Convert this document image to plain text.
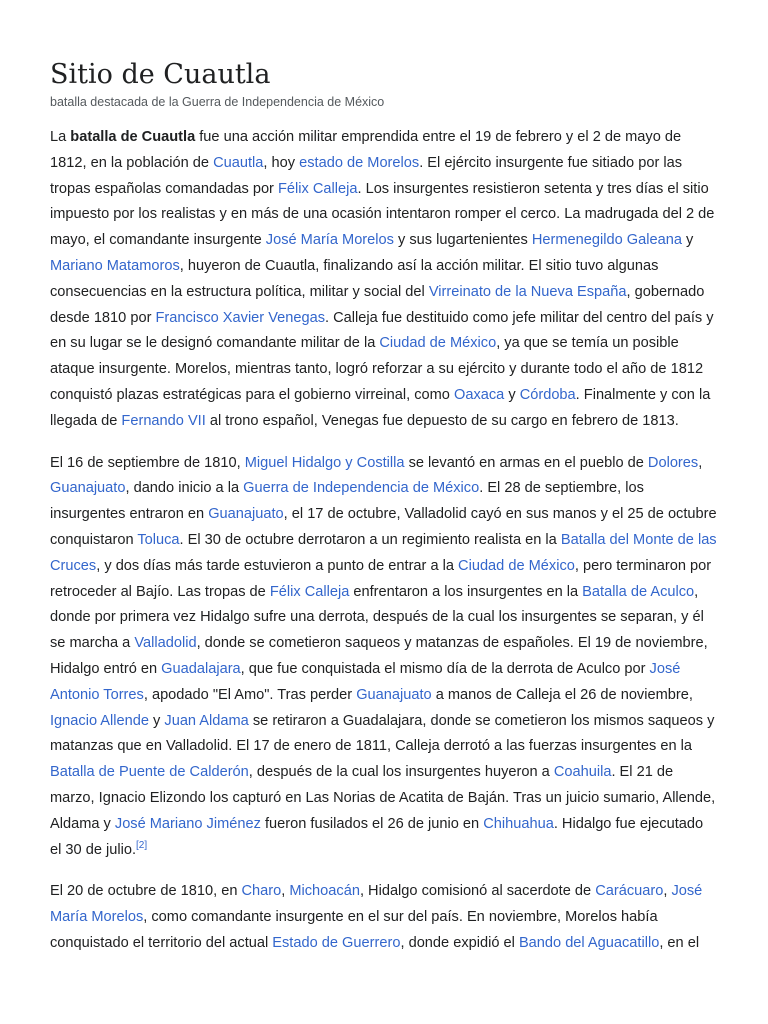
Sitio de Cuautla
batalla destacada de la Guerra de Independencia de México

La batalla de Cuautla fue una acción militar emprendida entre el 19 de febrero y el 2 de mayo de 1812, en la población de Cuautla, hoy estado de Morelos. El ejército insurgente fue sitiado por las tropas españolas comandadas por Félix Calleja. Los insurgentes resistieron setenta y tres días el sitio impuesto por los realistas y en más de una ocasión intentaron romper el cerco. La madrugada del 2 de mayo, el comandante insurgente José María Morelos y sus lugartenientes Hermenegildo Galeana y Mariano Matamoros, huyeron de Cuautla, finalizando así la acción militar. El sitio tuvo algunas consecuencias en la estructura política, militar y social del Virreinato de la Nueva España, gobernado desde 1810 por Francisco Xavier Venegas. Calleja fue destituido como jefe militar del centro del país y en su lugar se le designó comandante militar de la Ciudad de México, ya que se temía un posible ataque insurgente. Morelos, mientras tanto, logró reforzar a su ejército y durante todo el año de 1812 conquistó plazas estratégicas para el gobierno virreinal, como Oaxaca y Córdoba. Finalmente y con la llegada de Fernando VII al trono español, Venegas fue depuesto de su cargo en febrero de 1813.

El 16 de septiembre de 1810, Miguel Hidalgo y Costilla se levantó en armas en el pueblo de Dolores, Guanajuato, dando inicio a la Guerra de Independencia de México. El 28 de septiembre, los insurgentes entraron en Guanajuato, el 17 de octubre, Valladolid cayó en sus manos y el 25 de octubre conquistaron Toluca. El 30 de octubre derrotaron a un regimiento realista en la Batalla del Monte de las Cruces, y dos días más tarde estuvieron a punto de entrar a la Ciudad de México, pero terminaron por retroceder al Bajío. Las tropas de Félix Calleja enfrentaron a los insurgentes en la Batalla de Aculco, donde por primera vez Hidalgo sufre una derrota, después de la cual los insurgentes se separan, y él se marcha a Valladolid, donde se cometieron saqueos y matanzas de españoles. El 19 de noviembre, Hidalgo entró en Guadalajara, que fue conquistada el mismo día de la derrota de Aculco por José Antonio Torres, apodado "El Amo". Tras perder Guanajuato a manos de Calleja el 26 de noviembre, Ignacio Allende y Juan Aldama se retiraron a Guadalajara, donde se cometieron los mismos saqueos y matanzas que en Valladolid. El 17 de enero de 1811, Calleja derrotó a las fuerzas insurgentes en la Batalla de Puente de Calderón, después de la cual los insurgentes huyeron a Coahuila. El 21 de marzo, Ignacio Elizondo los capturó en Las Norias de Acatita de Baján. Tras un juicio sumario, Allende, Aldama y José Mariano Jiménez fueron fusilados el 26 de junio en Chihuahua. Hidalgo fue ejecutado el 30 de julio.[2]

El 20 de octubre de 1810, en Charo, Michoacán, Hidalgo comisionó al sacerdote de Carácuaro, José María Morelos, como comandante insurgente en el sur del país. En noviembre, Morelos había conquistado el territorio del actual Estado de Guerrero, donde expidió el Bando del Aguacatillo, en el
